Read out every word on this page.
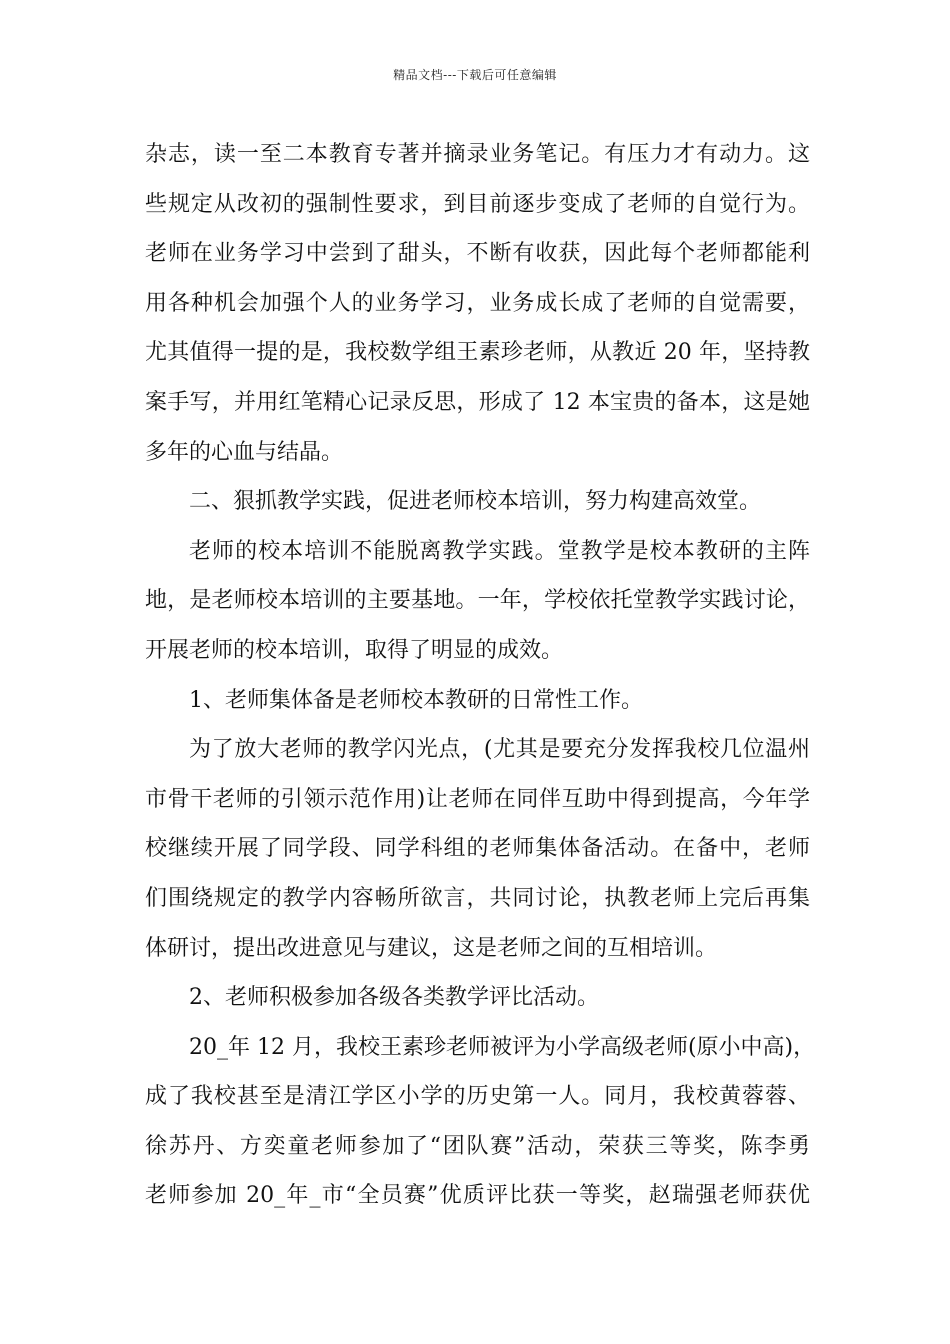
精品文档---下载后可任意编辑
杂志，读一至二本教育专著并摘录业务笔记。有压力才有动力。这
些规定从改初的强制性要求，到目前逐步变成了老师的自觉行为。
老师在业务学习中尝到了甜头，不断有收获，因此每个老师都能利
用各种机会加强个人的业务学习，业务成长成了老师的自觉需要，
尤其值得一提的是，我校数学组王素珍老师，从教近 20 年，坚持教
案手写，并用红笔精心记录反思，形成了 12 本宝贵的备本，这是她
多年的心血与结晶。
二、狠抓教学实践，促进老师校本培训，努力构建高效堂。
老师的校本培训不能脱离教学实践。堂教学是校本教研的主阵
地，是老师校本培训的主要基地。一年，学校依托堂教学实践讨论，
开展老师的校本培训，取得了明显的成效。
1、老师集体备是老师校本教研的日常性工作。
为了放大老师的教学闪光点，(尤其是要充分发挥我校几位温州
市骨干老师的引领示范作用)让老师在同伴互助中得到提高，今年学
校继续开展了同学段、同学科组的老师集体备活动。在备中，老师
们围绕规定的教学内容畅所欲言，共同讨论，执教老师上完后再集
体研讨，提出改进意见与建议，这是老师之间的互相培训。
2、老师积极参加各级各类教学评比活动。
20_年 12 月，我校王素珍老师被评为小学高级老师(原小中高)，
成了我校甚至是清江学区小学的历史第一人。同月，我校黄蓉蓉、
徐苏丹、方奕童老师参加了“团队赛”活动，荣获三等奖，陈李勇
老师参加 20_年_市“全员赛”优质评比获一等奖，赵瑞强老师获优
